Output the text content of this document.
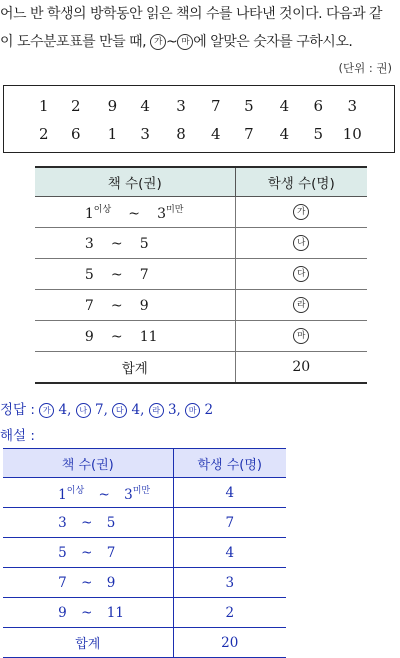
어느 반 학생의 방학동안 읽은 책의 수를 나타낸 것이다. 다음과 같
이 도수분포표를 만들 때, 가 ~ 마 에 알맞은 숫자를 구하시오.
(단위 : 권)
1	2	9	4	3	7	5	4	6	3
2	6	1	3	8	4	7	4	5	10
책 수(권)	학생 수(명)
$1^{이상}$ ~ $3^{미만}$	가
3 ~ 5	나
5 ~ 7	다
7 ~ 9	라
9 ~ 11	마
합계	20
정답 : 가 4, 나 7, 다 4, 라 3, 마 2
해설 :
책 수(권)	학생 수(명)
$1^{이상}$ ~ $3^{미만}$	4
3 ~ 5	7
5 ~ 7	4
7 ~ 9	3
9 ~ 11	2
합계	20
